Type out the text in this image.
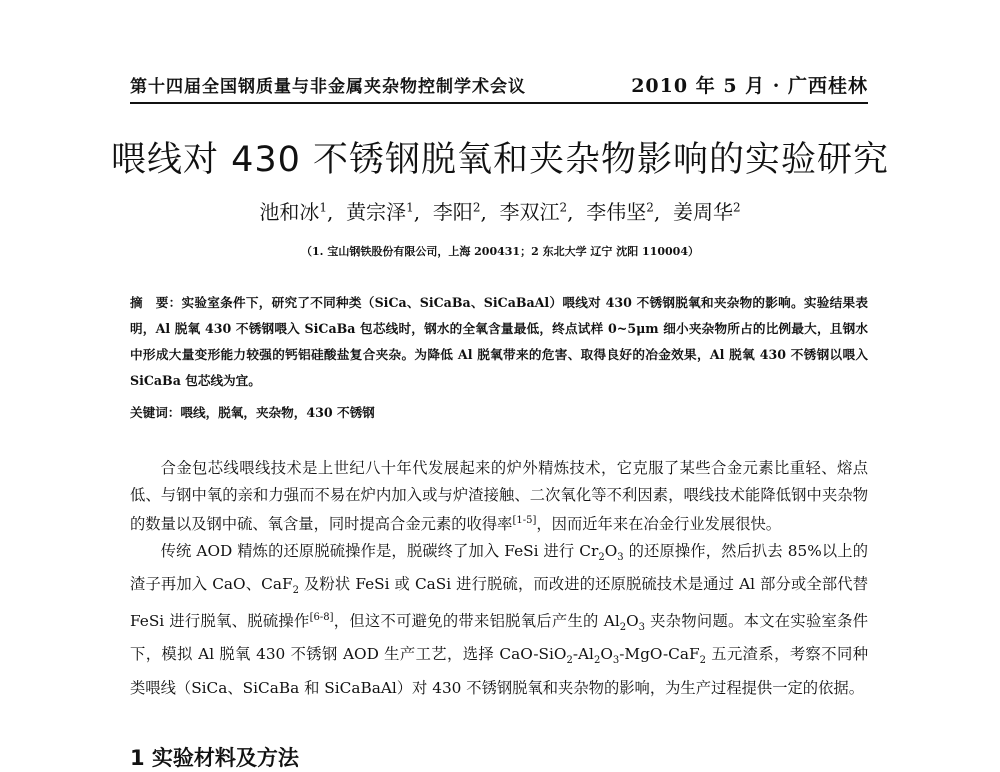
第十四届全国钢质量与非金属夹杂物控制学术会议	2010 年 5 月 · 广西桂林
喂线对 430 不锈钢脱氧和夹杂物影响的实验研究
池和冰$^1$,  黄宗泽$^1$,  李阳$^2$,  李双江$^2$,  李伟坚$^2$,  姜周华$^2$
（1. 宝山钢铁股份有限公司，上海 200431；2 东北大学 辽宁 沈阳 110004）
摘　要：实验室条件下，研究了不同种类（SiCa、SiCaBa、SiCaBaAl）喂线对 430 不锈钢脱氧和夹杂物的影响。实验结果表明，Al 脱氧 430 不锈钢喂入 SiCaBa 包芯线时，钢水的全氧含量最低，终点试样 0~5μm 细小夹杂物所占的比例最大，且钢水中形成大量变形能力较强的钙铝硅酸盐复合夹杂。为降低 Al 脱氧带来的危害、取得良好的冶金效果，Al 脱氧 430 不锈钢以喂入 SiCaBa 包芯线为宜。
关键词：喂线，脱氧，夹杂物，430 不锈钢

合金包芯线喂线技术是上世纪八十年代发展起来的炉外精炼技术，它克服了某些合金元素比重轻、熔点低、与钢中氧的亲和力强而不易在炉内加入或与炉渣接触、二次氧化等不利因素，喂线技术能降低钢中夹杂物的数量以及钢中硫、氧含量，同时提高合金元素的收得率[1-5]，因而近年来在冶金行业发展很快。

传统 AOD 精炼的还原脱硫操作是，脱碳终了加入 FeSi 进行 $Cr_2O_3$ 的还原操作，然后扒去 85%以上的渣子再加入 CaO、CaF$_2$ 及粉状 FeSi 或 CaSi 进行脱硫，而改进的还原脱硫技术是通过 Al 部分或全部代替 FeSi 进行脱氧、脱硫操作[6-8]，但这不可避免的带来铝脱氧后产生的 $Al_2O_3$ 夹杂物问题。本文在实验室条件下，模拟 Al 脱氧 430 不锈钢 AOD 生产工艺，选择 CaO-$SiO_2-Al_2O_3-MgO-CaF_2$ 五元渣系，考察不同种类喂线（SiCa、SiCaBa 和 SiCaBaAl）对 430 不锈钢脱氧和夹杂物的影响，为生产过程提供一定的依据。

1 实验材料及方法
